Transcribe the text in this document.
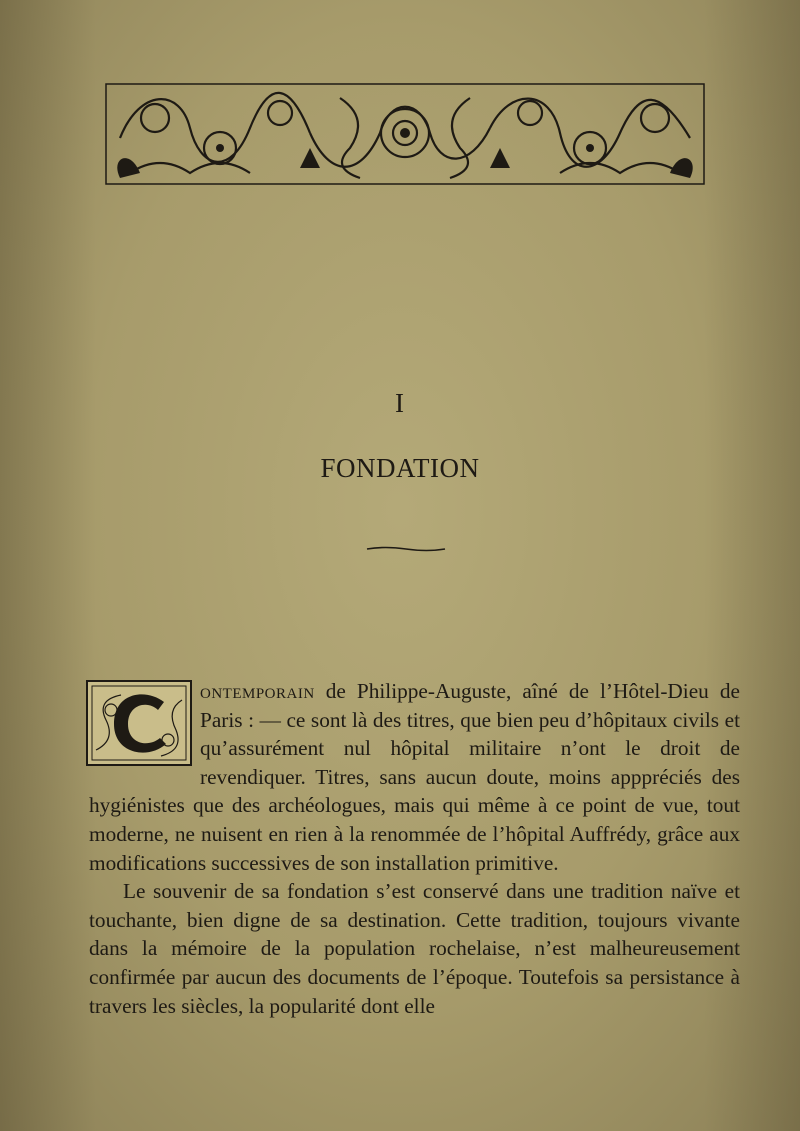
I
FONDATION

ontemporain de Philippe-Auguste, aîné de l’Hôtel-Dieu de Paris : — ce sont là des titres, que bien peu d’hôpitaux civils et qu’assurément nul hôpital militaire n’ont le droit de revendiquer. Titres, sans aucun doute, moins apppréciés des hygiénistes que des archéologues, mais qui même à ce point de vue, tout moderne, ne nuisent en rien à la renommée de l’hôpital Auffrédy, grâce aux modifications successives de son installation primitive.

Le souvenir de sa fondation s’est conservé dans une tradition naïve et touchante, bien digne de sa destination. Cette tradition, toujours vivante dans la mémoire de la population rochelaise, n’est malheureusement confirmée par aucun des documents de l’époque. Toutefois sa persistance à travers les siècles, la popularité dont elle
